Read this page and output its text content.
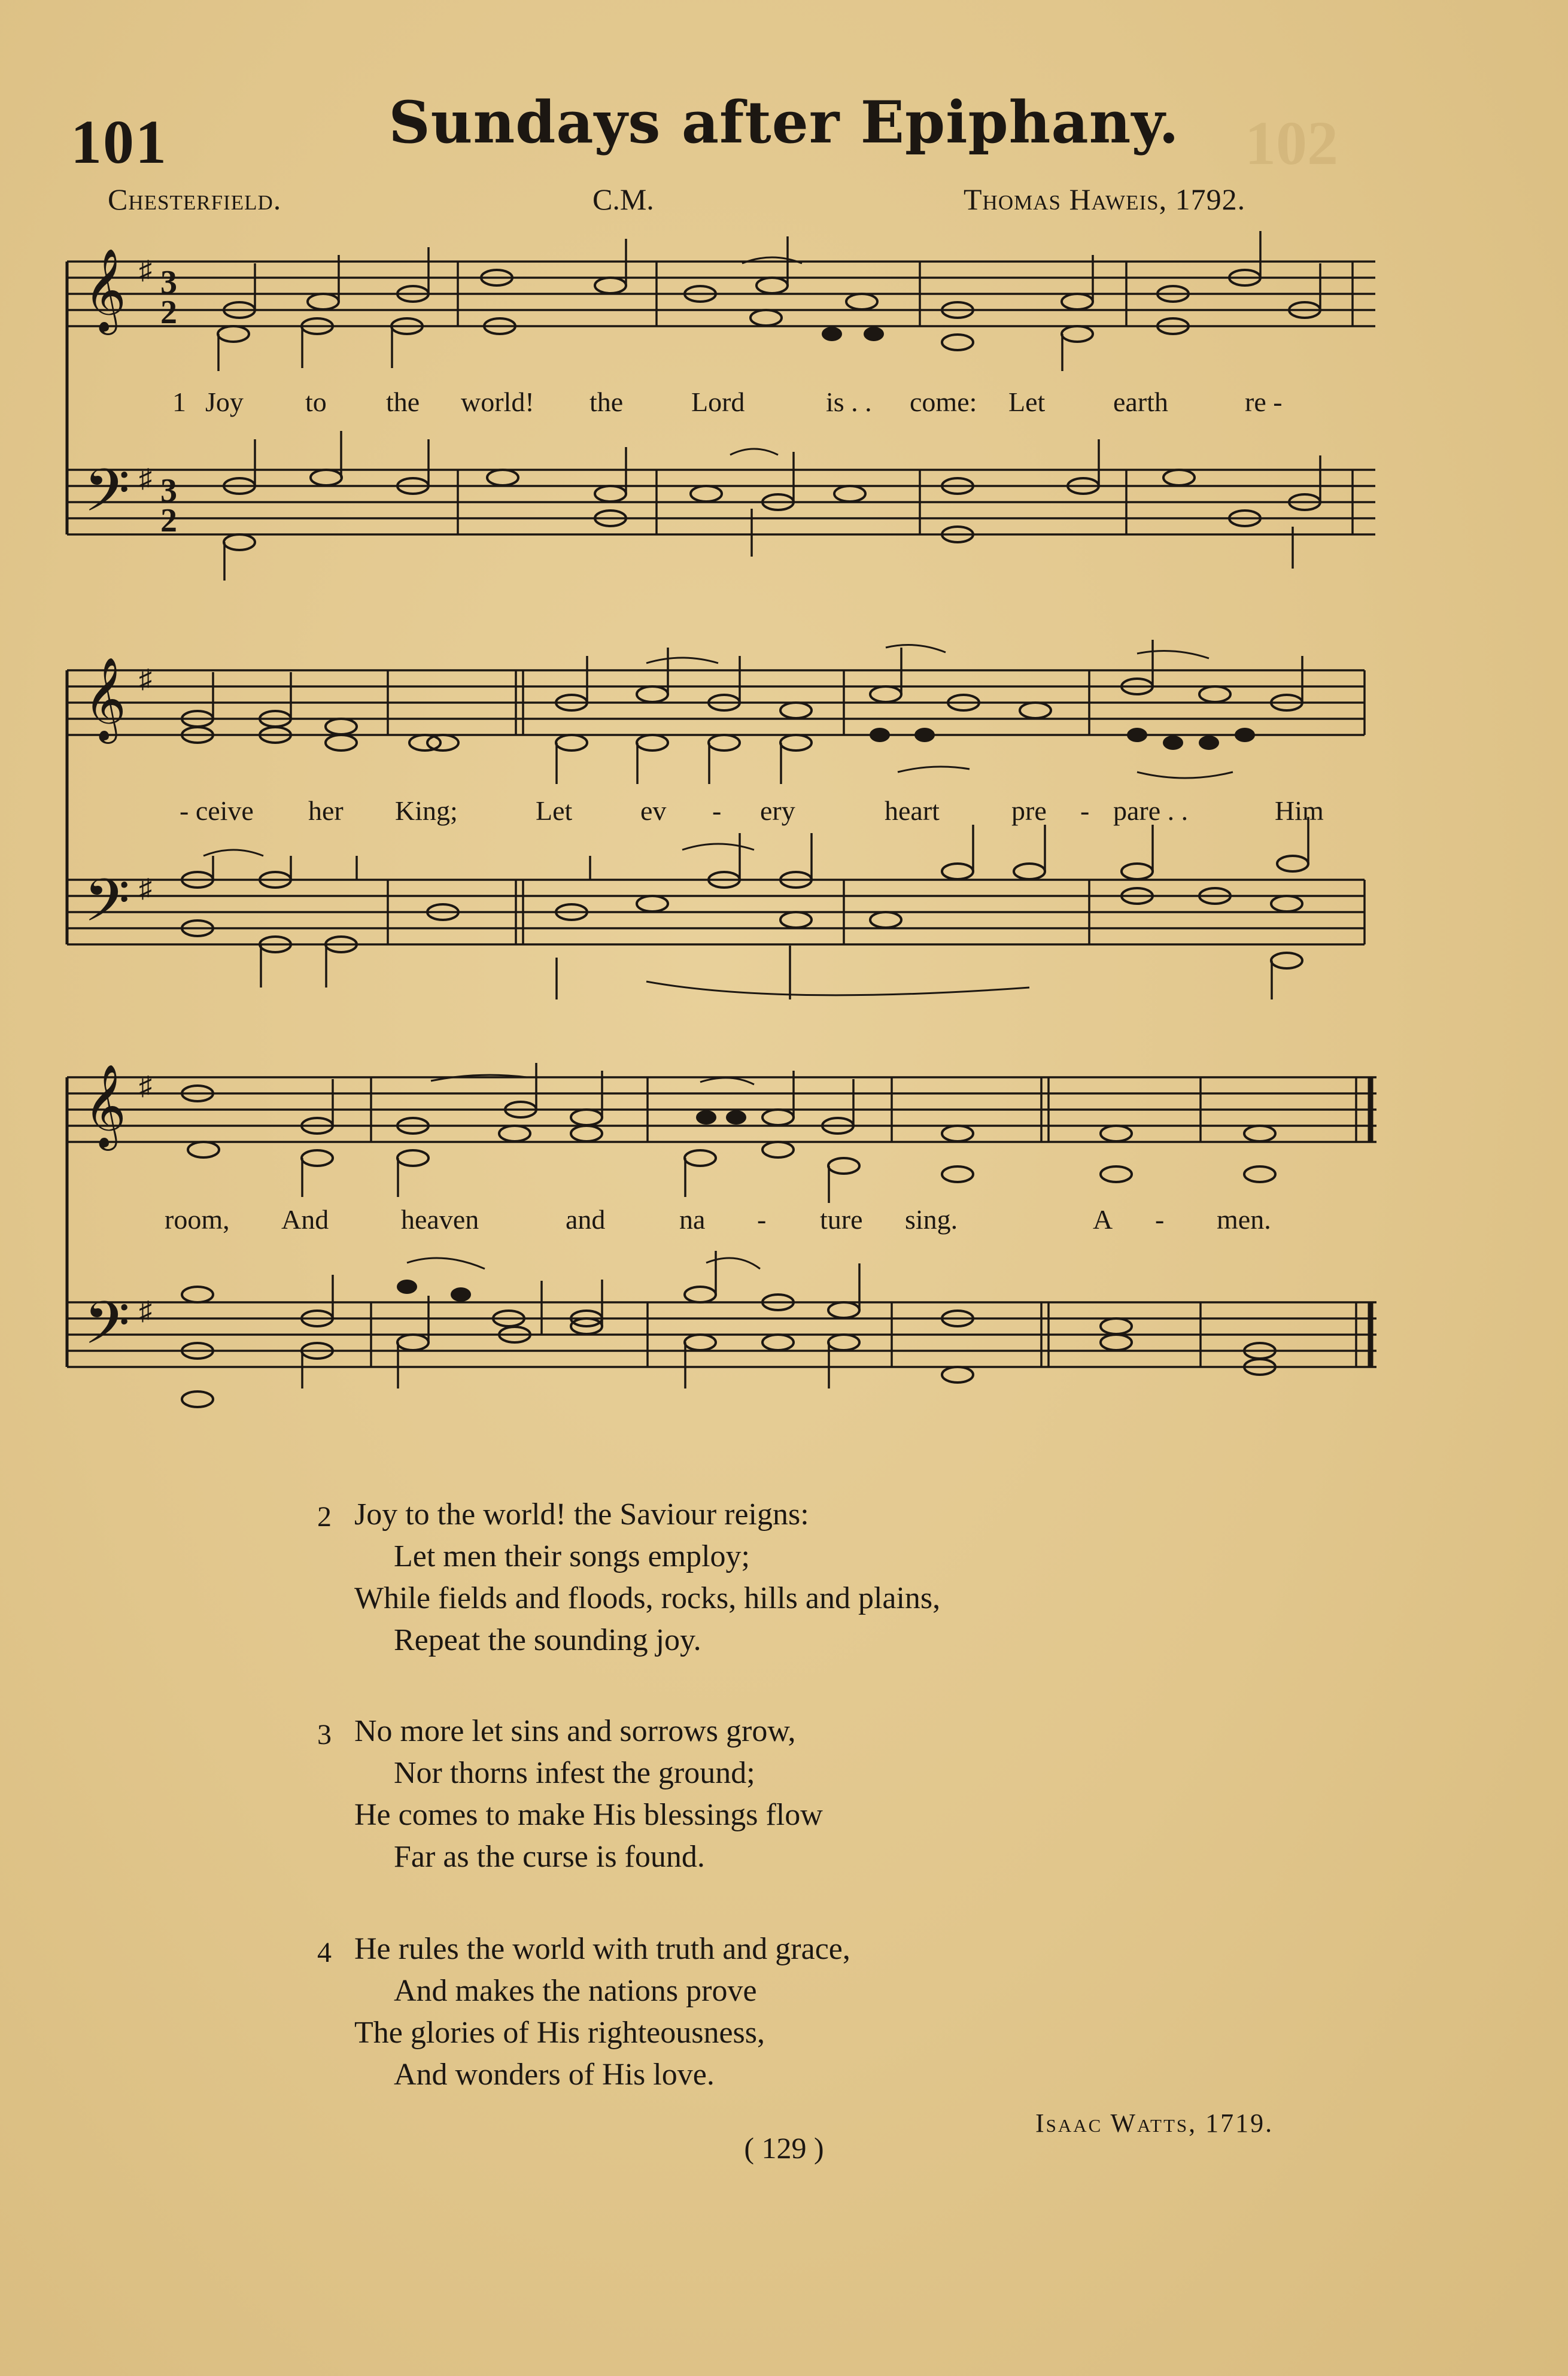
102
101	Sundays after Epiphany.
Chesterfield.	C.M.	Thomas Haweis, 1792.
𝄞
𝄢
♯
♯
3
2
3
2
1 Joy to the world! the Lord	is . . come: Let earth	re -
𝄞
𝄢
♯
♯
- ceive her King;	Let ev - ery	heart	pre - pare . .	Him
𝄞
𝄢
♯
♯
room, And	heaven	and	na - ture sing.	A - men.
2 Joy to the world! the Saviour reigns:
Let men their songs employ;
While fields and floods, rocks, hills and plains,
Repeat the sounding joy.
3 No more let sins and sorrows grow,
Nor thorns infest the ground;
He comes to make His blessings flow
Far as the curse is found.
4 He rules the world with truth and grace,
And makes the nations prove
The glories of His righteousness,
And wonders of His love.
Isaac Watts, 1719.
( 129 )
